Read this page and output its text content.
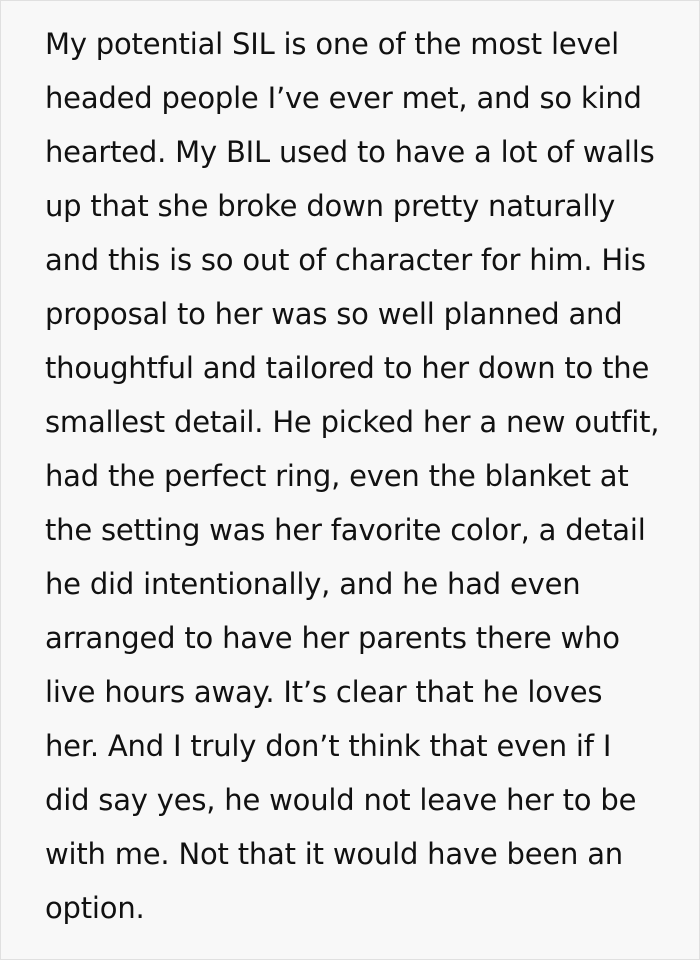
My potential SIL is one of the most level
headed people I’ve ever met, and so kind
hearted. My BIL used to have a lot of walls
up that she broke down pretty naturally
and this is so out of character for him. His
proposal to her was so well planned and
thoughtful and tailored to her down to the
smallest detail. He picked her a new outfit,
had the perfect ring, even the blanket at
the setting was her favorite color, a detail
he did intentionally, and he had even
arranged to have her parents there who
live hours away. It’s clear that he loves
her. And I truly don’t think that even if I
did say yes, he would not leave her to be
with me. Not that it would have been an
option.
